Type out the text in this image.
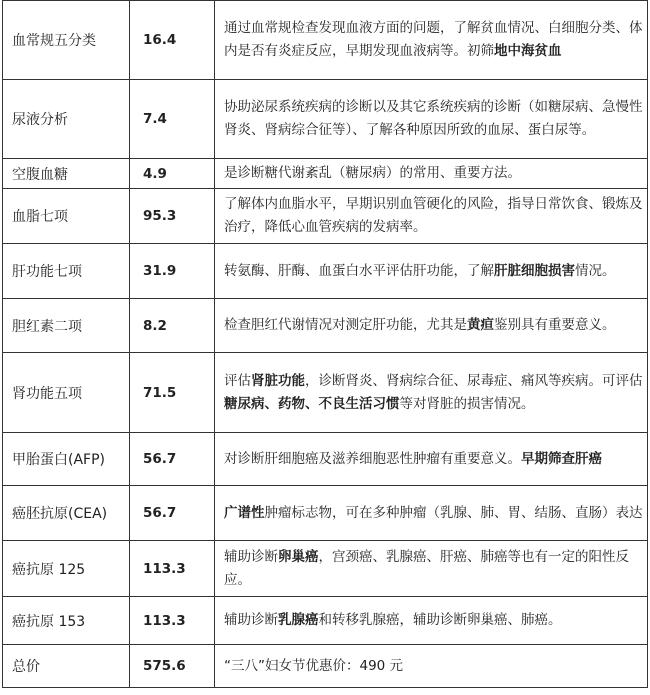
血常规五分类	16.4	通过血常规检查发现血液方面的问题，了解贫血情况、白细胞分类、体内是否有炎症反应，早期发现血液病等。初筛地中海贫血
尿液分析	7.4	协助泌尿系统疾病的诊断以及其它系统疾病的诊断（如糖尿病、急慢性肾炎、肾病综合征等）、了解各种原因所致的血尿、蛋白尿等。
空腹血糖	4.9	是诊断糖代谢紊乱（糖尿病）的常用、重要方法。
血脂七项	95.3	了解体内血脂水平，早期识别血管硬化的风险，指导日常饮食、锻炼及治疗，降低心血管疾病的发病率。
肝功能七项	31.9	转氨酶、肝酶、血蛋白水平评估肝功能，了解肝脏细胞损害情况。
胆红素二项	8.2	检查胆红代谢情况对测定肝功能，尤其是黄疸鉴别具有重要意义。
肾功能五项	71.5	评估肾脏功能，诊断肾炎、肾病综合征、尿毒症、痛风等疾病。可评估糖尿病、药物、不良生活习惯等对肾脏的损害情况。
甲胎蛋白(AFP)	56.7	对诊断肝细胞癌及滋养细胞恶性肿瘤有重要意义。早期筛查肝癌
癌胚抗原(CEA)	56.7	广谱性肿瘤标志物，可在多种肿瘤（乳腺、肺、胃、结肠、直肠）表达
癌抗原 125	113.3	辅助诊断卵巢癌，宫颈癌、乳腺癌、肝癌、肺癌等也有一定的阳性反应。
癌抗原 153	113.3	辅助诊断乳腺癌和转移乳腺癌，辅助诊断卵巢癌、肺癌。
总价	575.6	“三八”妇女节优惠价：490 元
